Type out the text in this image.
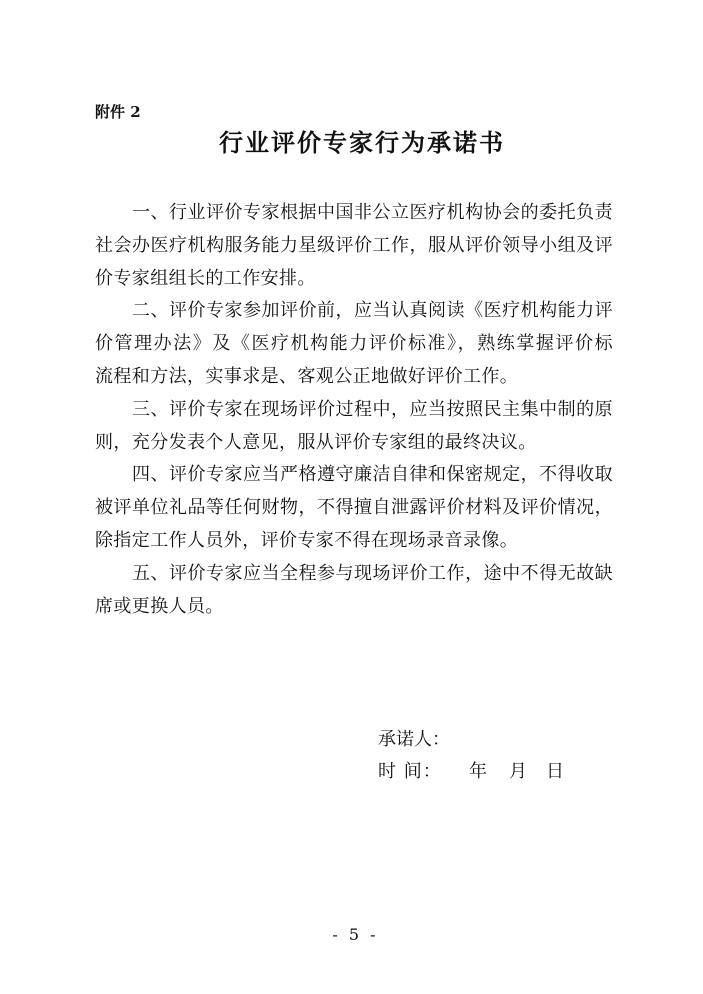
附件 2
行业评价专家行为承诺书

一、行业评价专家根据中国非公立医疗机构协会的委托负责
社会办医疗机构服务能力星级评价工作，服从评价领导小组及评
价专家组组长的工作安排。

二、评价专家参加评价前，应当认真阅读《医疗机构能力评
价管理办法》及《医疗机构能力评价标准》，熟练掌握评价标
流程和方法，实事求是、客观公正地做好评价工作。

三、评价专家在现场评价过程中，应当按照民主集中制的原
则，充分发表个人意见，服从评价专家组的最终决议。

四、评价专家应当严格遵守廉洁自律和保密规定，不得收取
被评单位礼品等任何财物，不得擅自泄露评价材料及评价情况，
除指定工作人员外，评价专家不得在现场录音录像。

五、评价专家应当全程参与现场评价工作，途中不得无故缺
席或更换人员。

承诺人：
时 间： 年 月 日
- 5 -
